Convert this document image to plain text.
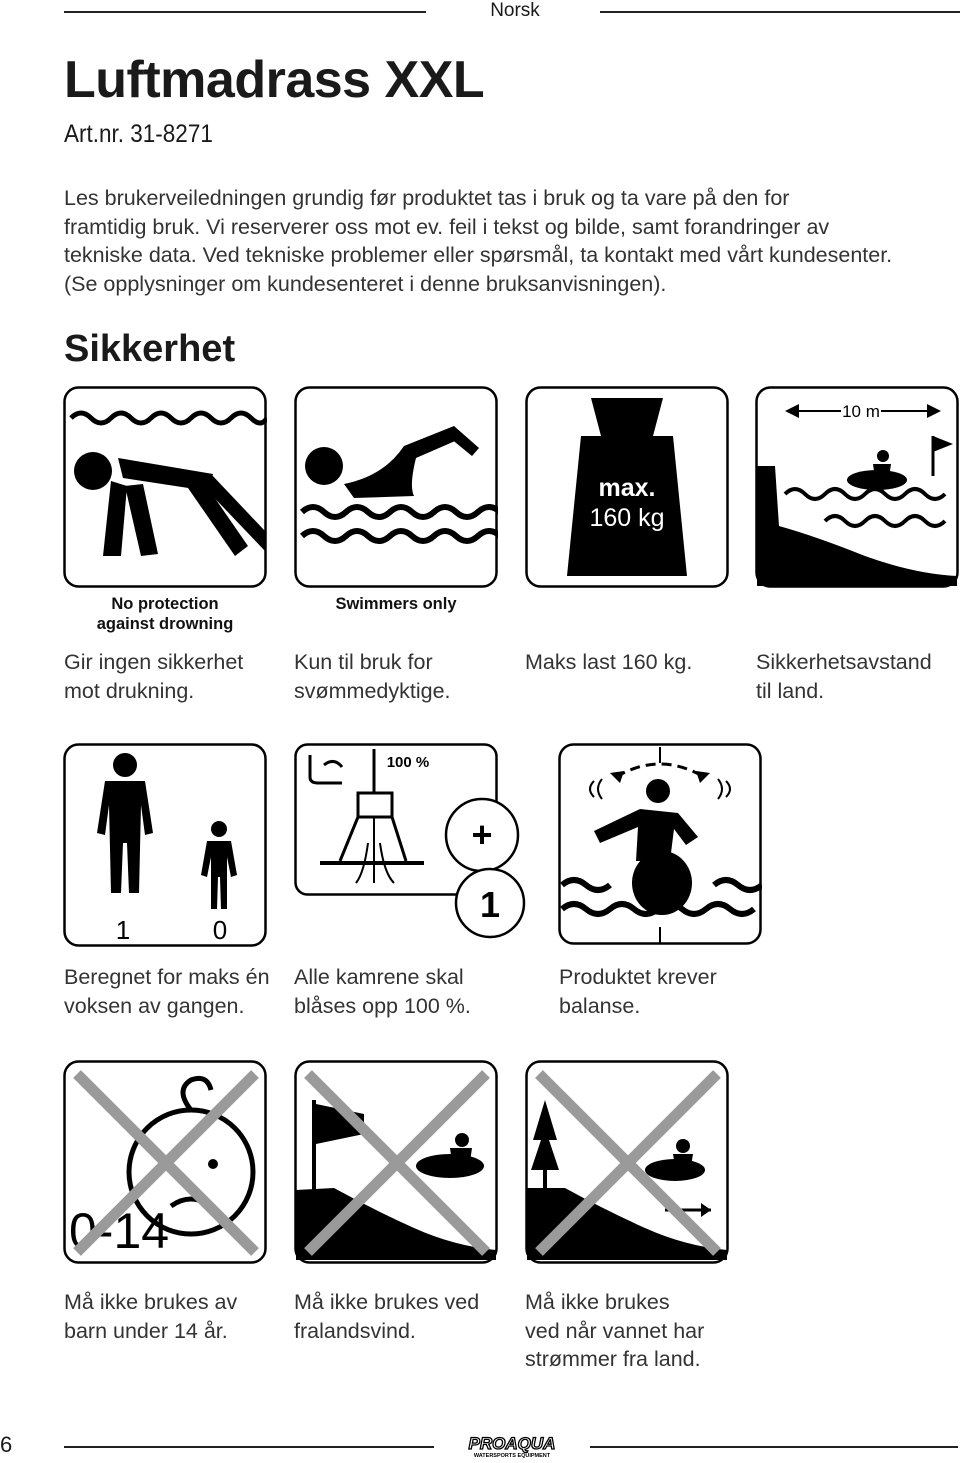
Norsk
Luftmadrass XXL
Art.nr. 31-8271
Les brukerveiledningen grundig før produktet tas i bruk og ta vare på den for
framtidig bruk. Vi reserverer oss mot ev. feil i tekst og bilde, samt forandringer av
tekniske data. Ved tekniske problemer eller spørsmål, ta kontakt med vårt kundesenter.
(Se opplysninger om kundesenteret i denne bruksanvisningen).
Sikkerhet
No protection
against drowning
Gir ingen sikkerhet
mot drukning.
Swimmers only
Kun til bruk for
svømmedyktige.
max.
160 kg
Maks last 160 kg.
10 m
Sikkerhetsavstand
til land.
1	0
Beregnet for maks én
voksen av gangen.
100 %
+
1
Alle kamrene skal
blåses opp 100 %.
Produktet krever
balanse.
0-14
Må ikke brukes av
barn under 14 år.
Må ikke brukes ved
fralandsvind.
Må ikke brukes
ved når vannet har
strømmer fra land.
6	PROAQUA
WATERSPORTS EQUIPMENT
